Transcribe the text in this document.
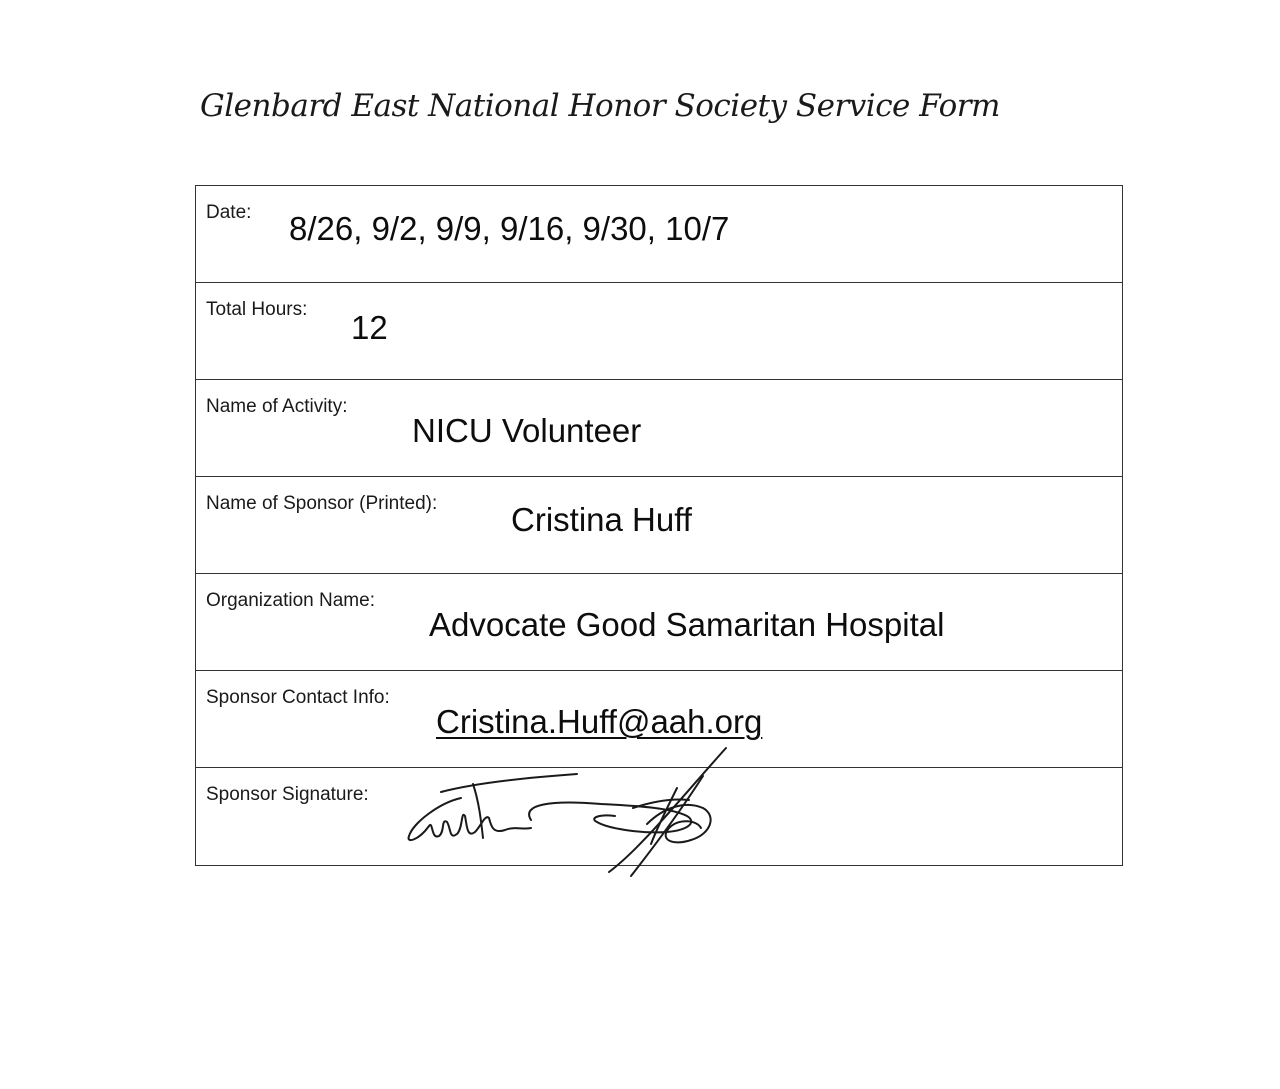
Glenbard East National Honor Society Service Form
Date: 8/26, 9/2, 9/9, 9/16, 9/30, 10/7
Total Hours: 12
Name of Activity:
NICU Volunteer
Name of Sponsor (Printed): Cristina Huff
Organization Name:
Advocate Good Samaritan Hospital
Sponsor Contact Info:
Cristina.Huff@aah.org
Sponsor Signature:
